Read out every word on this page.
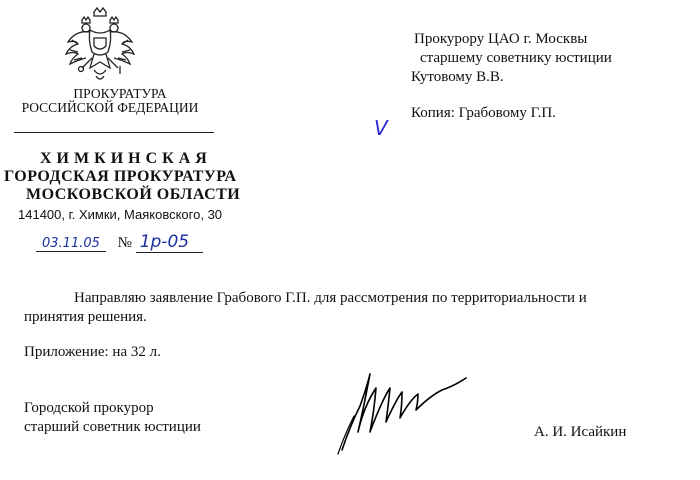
ПРОКУРАТУРА
РОССИЙСКОЙ ФЕДЕРАЦИИ
ХИМКИНСКАЯ
ГОРОДСКАЯ ПРОКУРАТУРА
МОСКОВСКОЙ ОБЛАСТИ
141400, г. Химки, Маяковского, 30
03.11.05 № 1р-05
Прокурору ЦАО г. Москвы
старшему советнику юстиции
Кутовому В.В.
Копия: Грабовому Г.П.
V
Направляю заявление Грабового Г.П. для рассмотрения по территориальности и
принятия решения.
Приложение: на 32 л.
Городской прокурор
старший советник юстиции	А. И. Исайкин
